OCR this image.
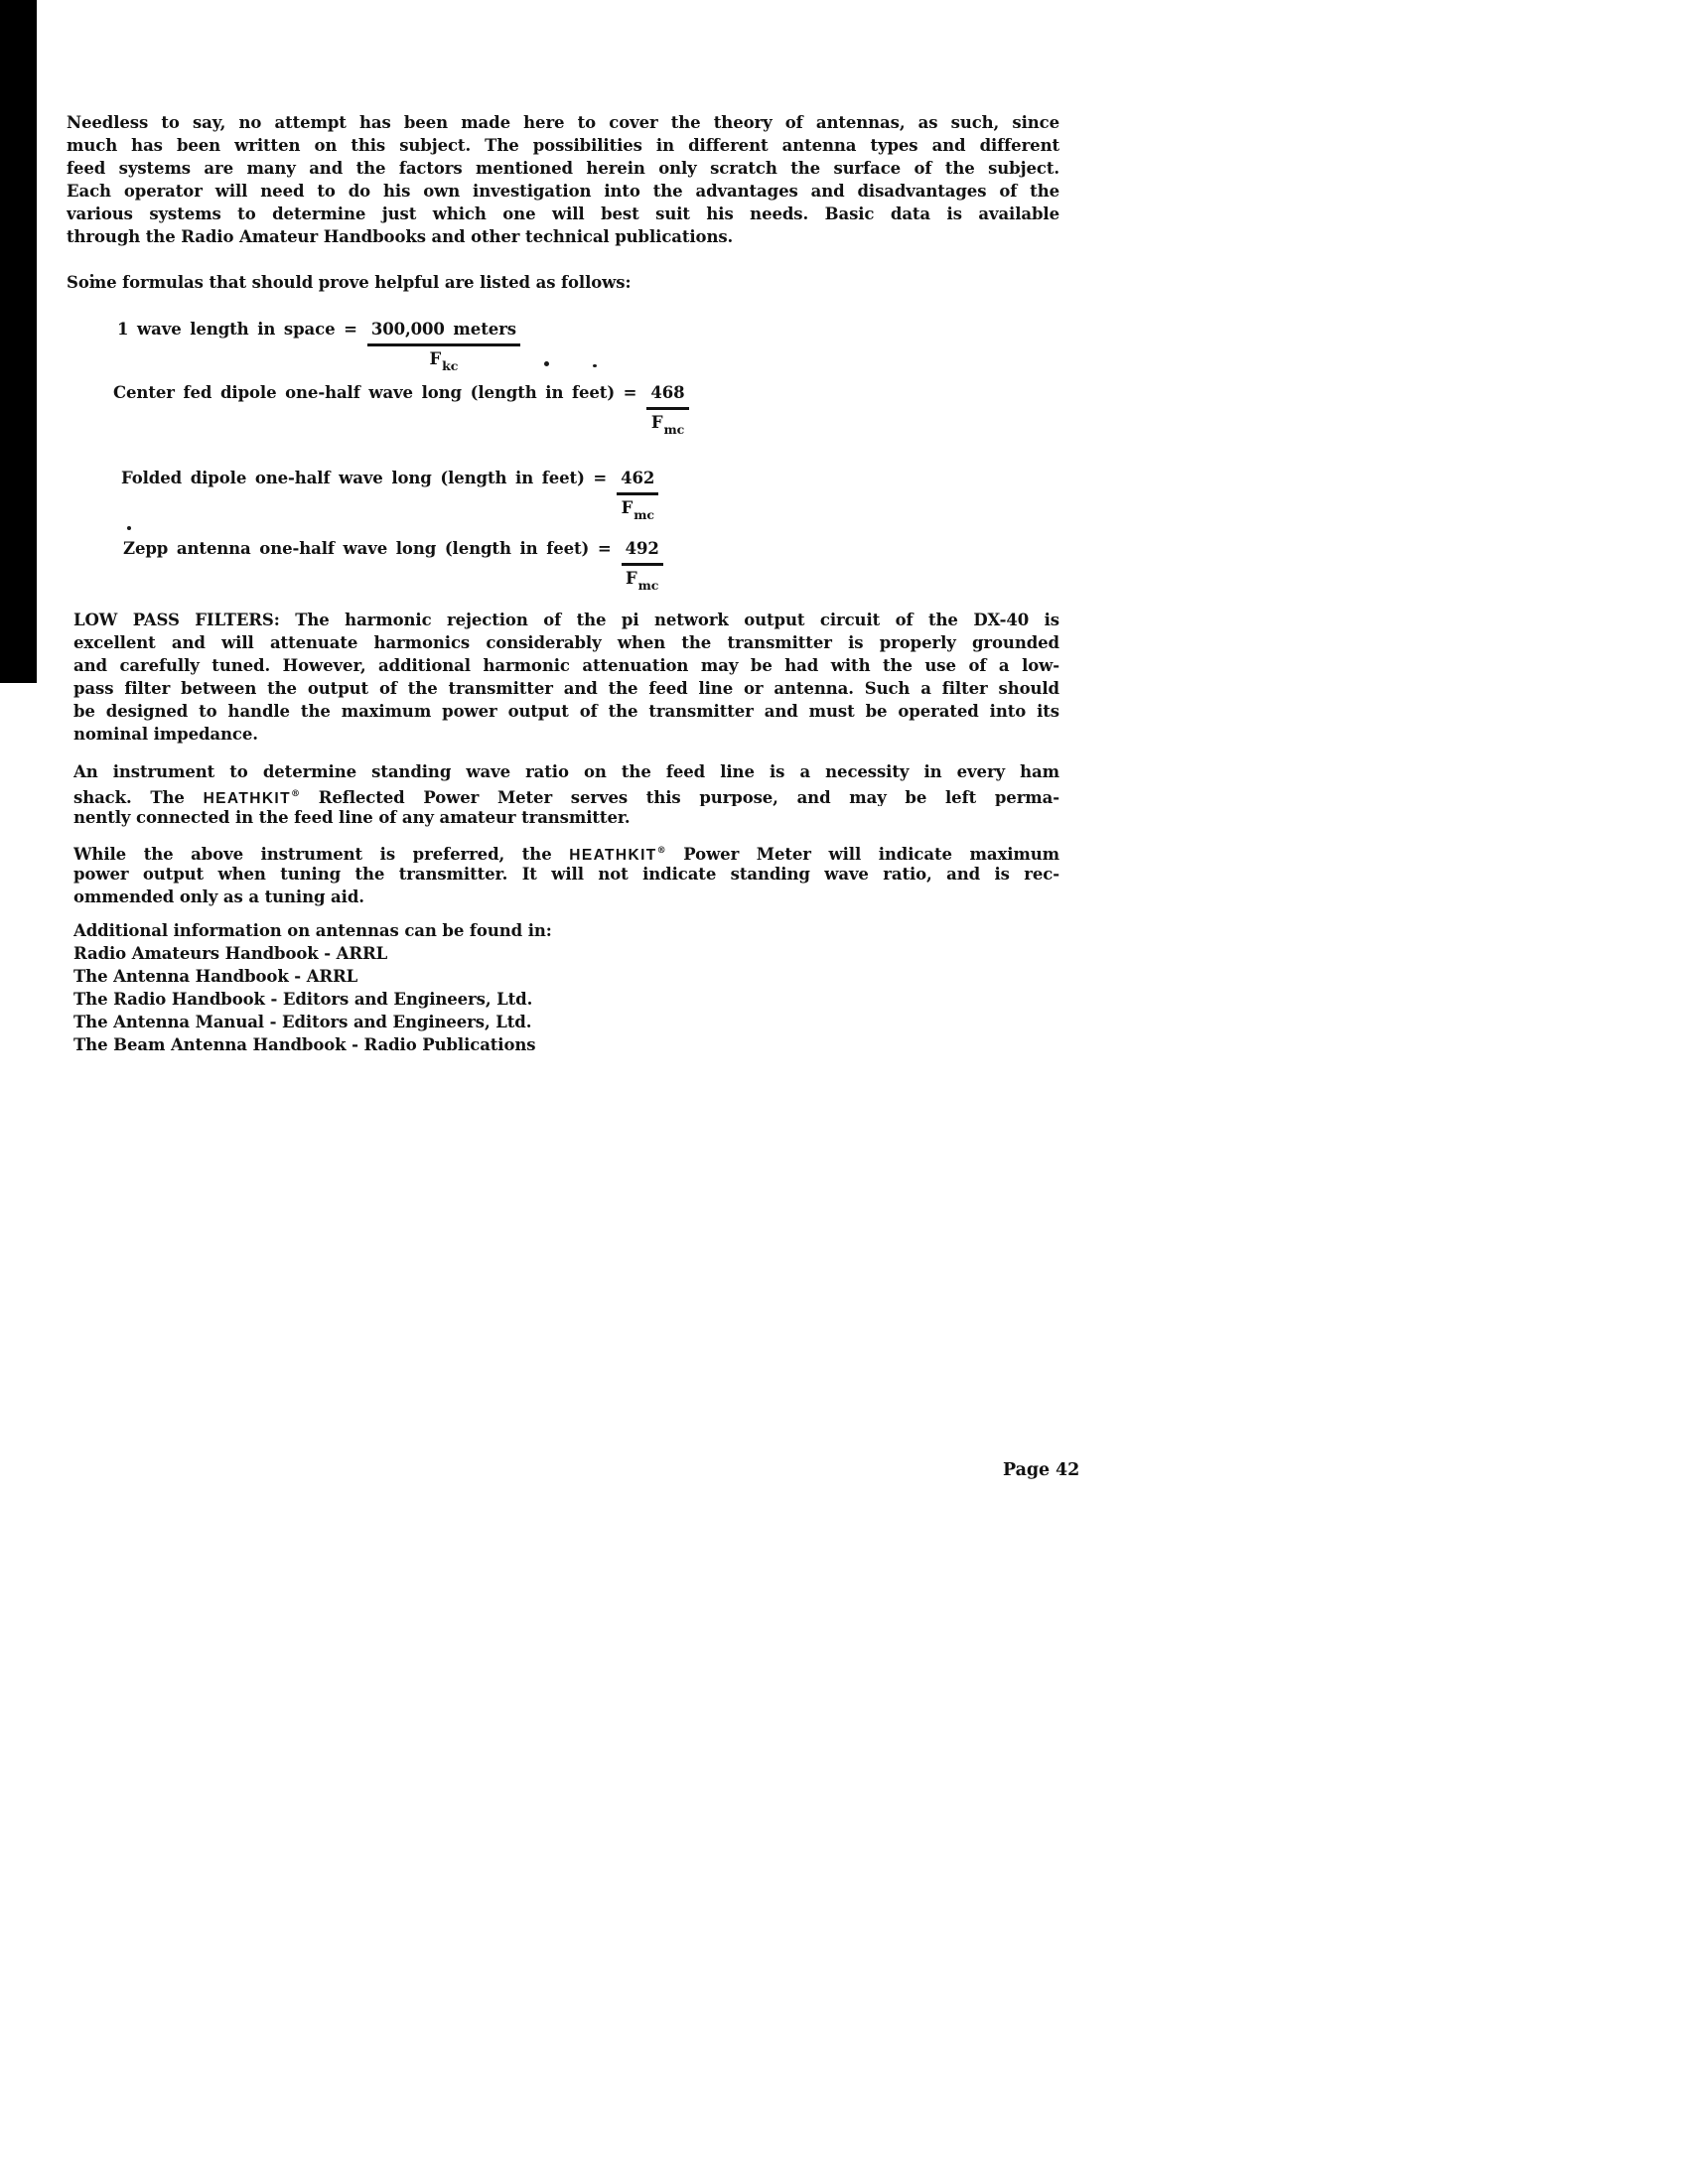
Needless to say, no attempt has been made here to cover the theory of antennas, as such, since
much has been written on this subject. The possibilities in different antenna types and different
feed systems are many and the factors mentioned herein only scratch the surface of the subject.
Each operator will need to do his own investigation into the advantages and disadvantages of the
various systems to determine just which one will best suit his needs. Basic data is available
through the Radio Amateur Handbooks and other technical publications.
Some formulas that should prove helpful are listed as follows:
1 wave length in space = $\frac{\text{300,000 meters}}{F_{kc}}$
Center fed dipole one-half wave long (length in feet) = $\frac{468}{F_{mc}}$
Folded dipole one-half wave long (length in feet) = $\frac{462}{F_{mc}}$
Zepp antenna one-half wave long (length in feet) = $\frac{492}{F_{mc}}$
LOW PASS FILTERS: The harmonic rejection of the pi network output circuit of the DX-40 is
excellent and will attenuate harmonics considerably when the transmitter is properly grounded
and carefully tuned. However, additional harmonic attenuation may be had with the use of a low-
pass filter between the output of the transmitter and the feed line or antenna. Such a filter should
be designed to handle the maximum power output of the transmitter and must be operated into its
nominal impedance.
An instrument to determine standing wave ratio on the feed line is a necessity in every ham
shack. The HEATHKIT® Reflected Power Meter serves this purpose, and may be left perma-
nently connected in the feed line of any amateur transmitter.
While the above instrument is preferred, the HEATHKIT® Power Meter will indicate maximum
power output when tuning the transmitter. It will not indicate standing wave ratio, and is rec-
ommended only as a tuning aid.
Additional information on antennas can be found in:
Radio Amateurs Handbook - ARRL
The Antenna Handbook - ARRL
The Radio Handbook - Editors and Engineers, Ltd.
The Antenna Manual - Editors and Engineers, Ltd.
The Beam Antenna Handbook - Radio Publications
Page 42
